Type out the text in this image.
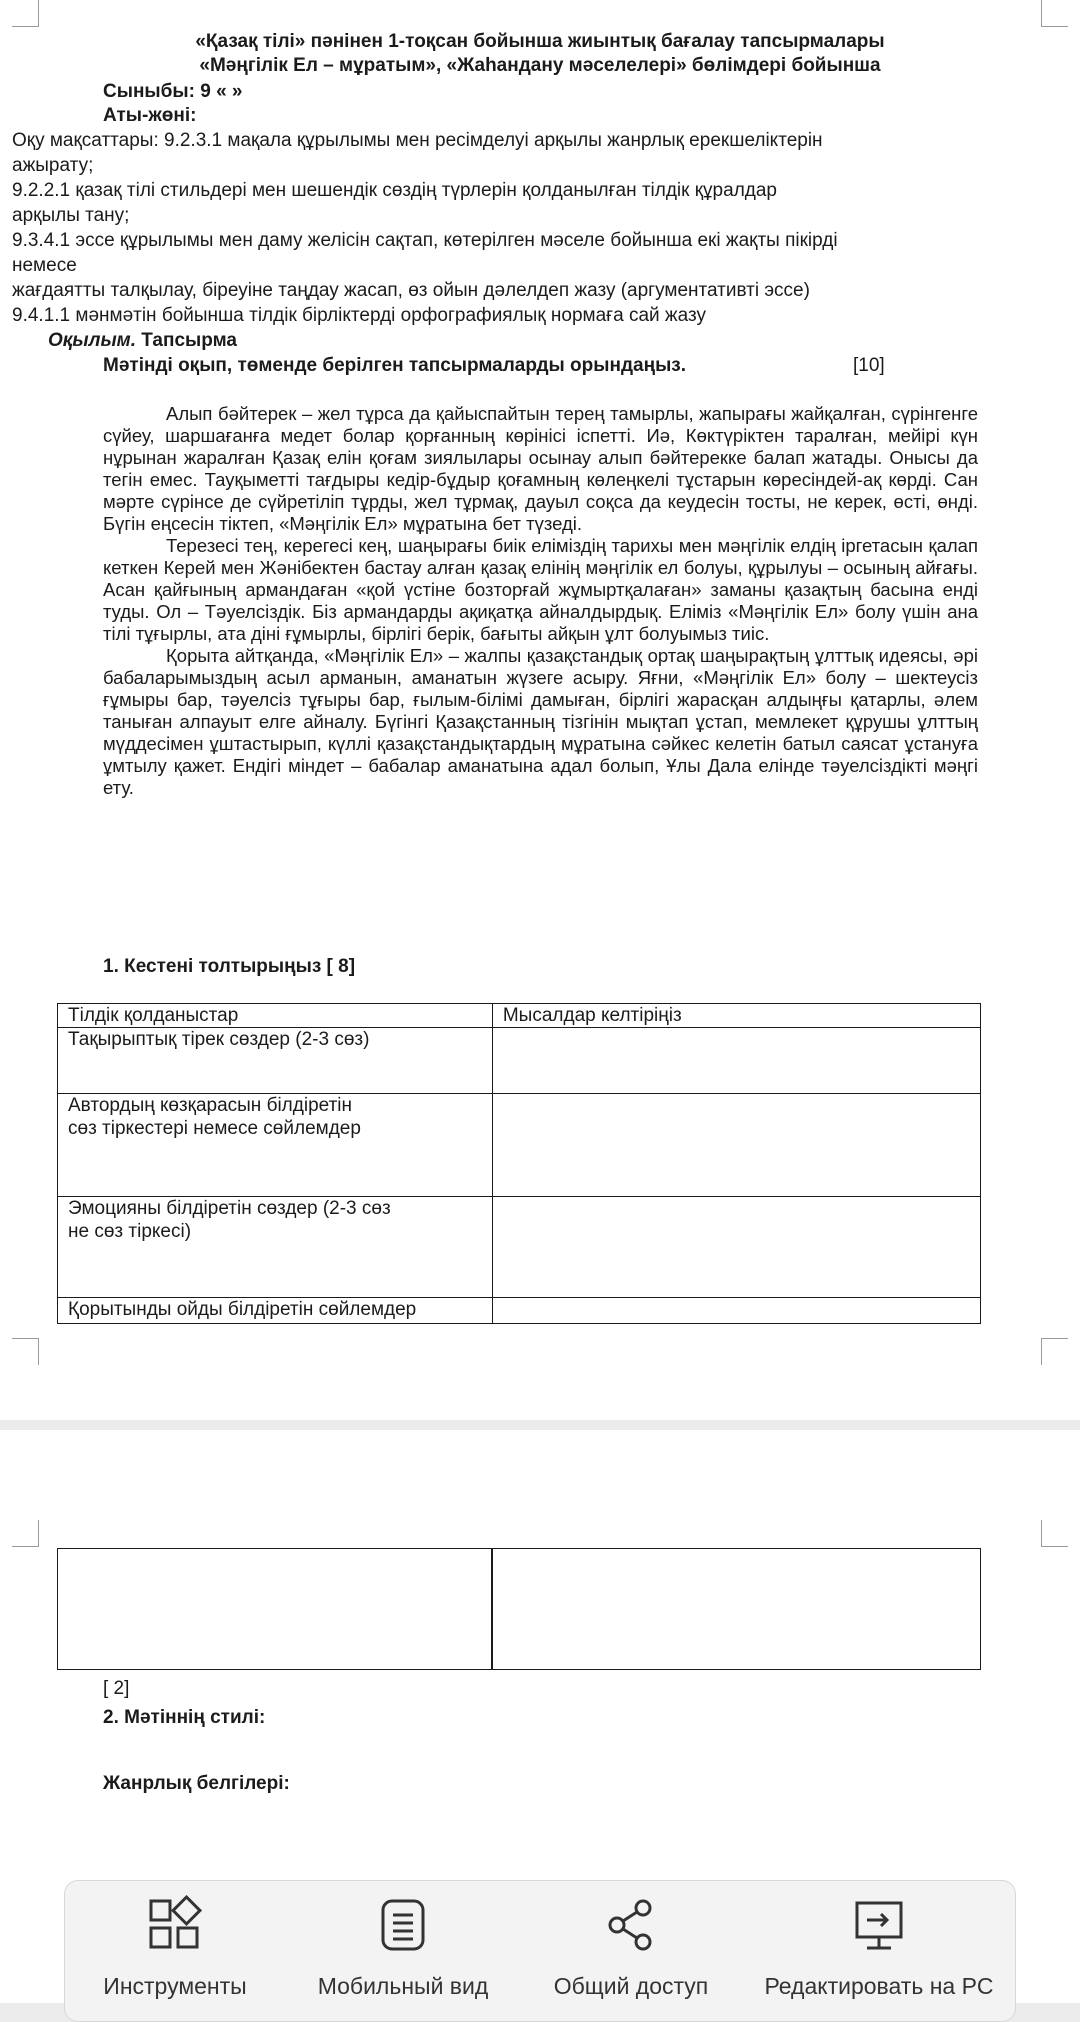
«Қазақ тілі» пәнінен 1-тоқсан бойынша жиынтық бағалау тапсырмалары
«Мәңгілік Ел – мұратым», «Жаһандану мәселелері» бөлімдері бойынша
Сыныбы: 9 « »
Аты-жөні:
Оқу мақсаттары: 9.2.3.1 мақала құрылымы мен ресімделуі арқылы жанрлық ерекшеліктерін
ажырату;
9.2.2.1 қазақ тілі стильдері мен шешендік сөздің түрлерін қолданылған тілдік құралдар
арқылы тану;
9.3.4.1 эссе құрылымы мен даму желісін сақтап, көтерілген мәселе бойынша екі жақты пікірді
немесе
жағдаятты талқылау, біреуіне таңдау жасап, өз ойын дәлелдеп жазу (аргументативті эссе)
9.4.1.1 мәнмәтін бойынша тілдік бірліктерді орфографиялық нормаға сай жазу
Оқылым. Тапсырма
Мәтінді оқып, төменде берілген тапсырмаларды орындаңыз.	[10]

Алып бәйтерек – жел тұрса да қайыспайтын терең тамырлы, жапырағы жайқалған, сүрінгенге сүйеу, шаршағанға медет болар қорғанның көрінісі іспетті. Иә, Көктүріктен таралған, мейірі күн нұрынан жаралған Қазақ елін қоғам зиялылары осынау алып бәйтерекке балап жатады. Онысы да тегін емес. Тауқыметті тағдыры кедір-бұдыр қоғамның көлеңкелі тұстарын көресіндей-ақ көрді. Сан мәрте сүрінсе де сүйретіліп тұрды, жел тұрмақ, дауыл соқса да кеудесін тосты, не керек, өсті, өнді. Бүгін еңсесін тіктеп, «Мәңгілік Ел» мұратына бет түзеді.

Терезесі тең, керегесі кең, шаңырағы биік еліміздің тарихы мен мәңгілік елдің іргетасын қалап кеткен Керей мен Жәнібектен бастау алған қазақ елінің мәңгілік ел болуы, құрылуы – осының айғағы. Асан қайғының армандаған «қой үстіне бозторғай жұмыртқалаған» заманы қазақтың басына енді туды. Ол – Тәуелсіздік. Біз армандарды ақиқатқа айналдырдық. Еліміз «Мәңгілік Ел» болу үшін ана тілі тұғырлы, ата діні ғұмырлы, бірлігі берік, бағыты айқын ұлт болуымыз тиіс.

Қорыта айтқанда, «Мәңгілік Ел» – жалпы қазақстандық ортақ шаңырақтың ұлттық идеясы, әрі бабаларымыздың асыл арманын, аманатын жүзеге асыру. Яғни, «Мәңгілік Ел» болу – шектеусіз ғұмыры бар, тәуелсіз тұғыры бар, ғылым-білімі дамыған, бірлігі жарасқан алдыңғы қатарлы, әлем таныған алпауыт елге айналу. Бүгінгі Қазақстанның тізгінін мықтап ұстап, мемлекет құрушы ұлттың мүддесімен ұштастырып, күллі қазақстандықтардың мұратына сәйкес келетін батыл саясат ұстануға ұмтылу қажет. Ендігі міндет – бабалар аманатына адал болып, Ұлы Дала елінде тәуелсіздікті мәңгі ету.

1. Кестені толтырыңыз [ 8]
Тілдік қолданыстар	Мысалдар келтіріңіз
Тақырыптық тірек сөздер (2-3 сөз)

Автордың көзқарасын білдіретін
сөз тіркестері немесе сөйлемдер	
Эмоцияны білдіретін сөздер (2-3 сөз
не сөз тіркесі)	
Қорытынды ойды білдіретін сөйлемдер	
[ 2]
2. Мәтіннің стилі:
Жанрлық белгілері:
Инструменты	Мобильный вид	Общий доступ	Редактировать на PC
